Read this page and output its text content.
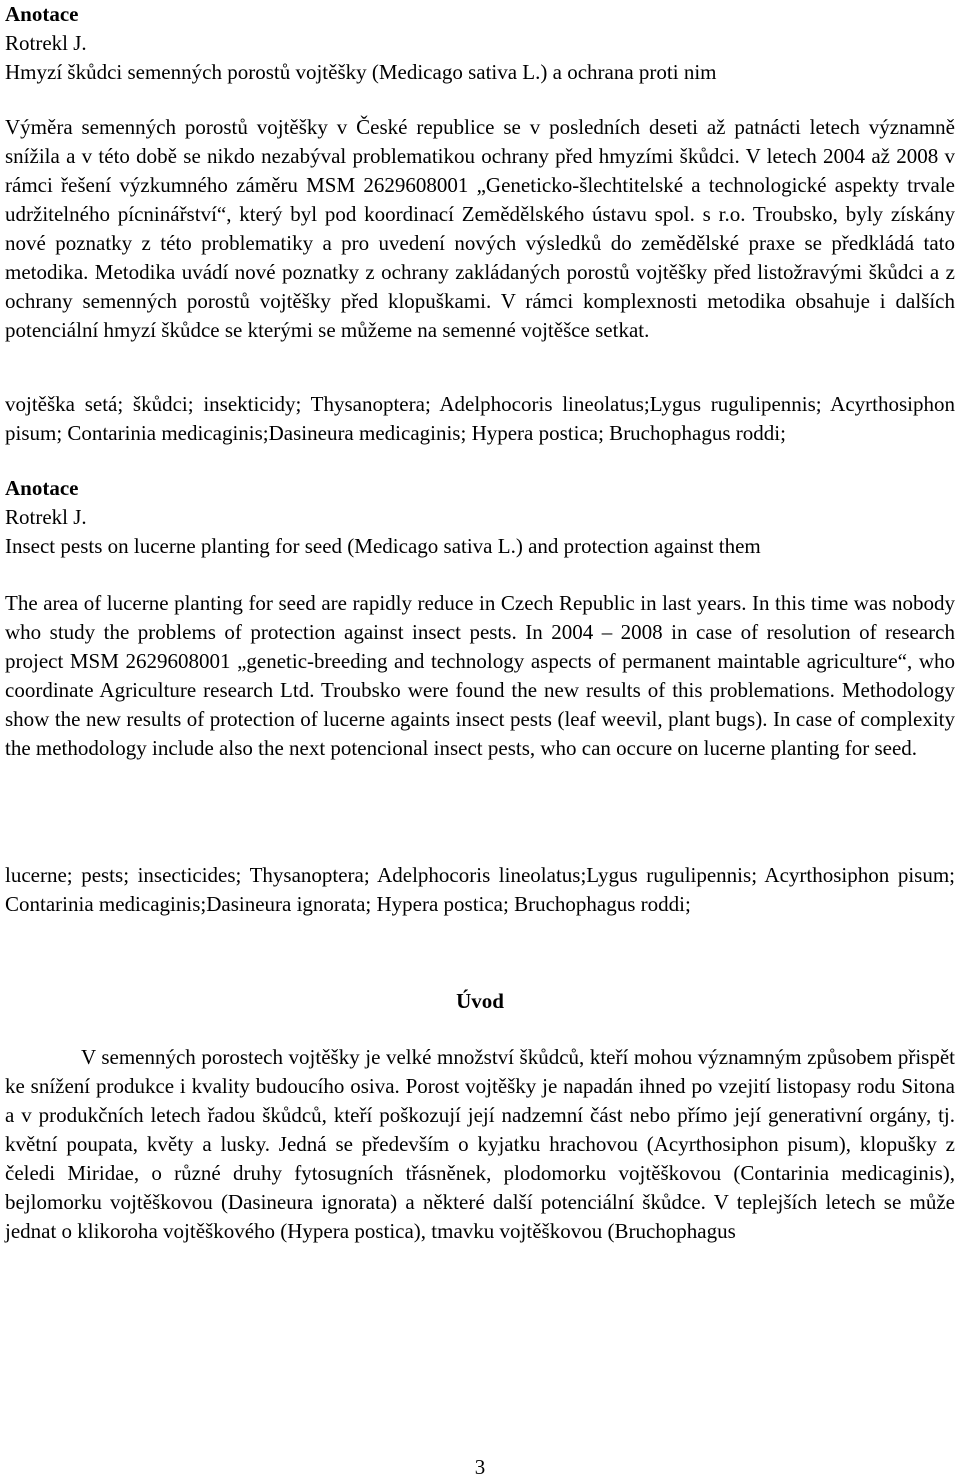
Anotace

Rotrekl J.

Hmyzí škůdci semenných porostů vojtěšky (Medicago sativa L.) a ochrana proti nim

Výměra semenných porostů vojtěšky v České republice se v posledních deseti až patnácti letech významně snížila a v této době se nikdo nezabýval problematikou ochrany před hmyzími škůdci. V letech 2004 až 2008 v rámci řešení výzkumného záměru MSM 2629608001 „Geneticko-šlechtitelské a technologické aspekty trvale udržitelného pícninářství“, který byl pod koordinací Zemědělského ústavu spol. s r.o. Troubsko, byly získány nové poznatky z této problematiky a pro uvedení nových výsledků do zemědělské praxe se předkládá tato metodika. Metodika uvádí nové poznatky z ochrany zakládaných porostů vojtěšky před listožravými škůdci a z ochrany semenných porostů vojtěšky před klopuškami. V rámci komplexnosti metodika obsahuje i dalších potenciální hmyzí škůdce se kterými se můžeme na semenné vojtěšce setkat.

vojtěška setá; škůdci; insekticidy; Thysanoptera; Adelphocoris lineolatus;Lygus rugulipennis; Acyrthosiphon pisum; Contarinia medicaginis;Dasineura medicaginis; Hypera postica; Bruchophagus roddi;

Anotace

Rotrekl J.

Insect pests on lucerne planting for seed (Medicago sativa L.) and protection against them

The area of lucerne planting for seed are rapidly reduce in Czech Republic in last years. In this time was nobody who study the problems of protection against insect pests. In 2004 – 2008 in case of resolution of research project MSM 2629608001 „genetic-breeding and technology aspects of permanent maintable agriculture“, who coordinate Agriculture research Ltd. Troubsko were found the new results of this problemations. Methodology show the new results of protection of lucerne againts insect pests (leaf weevil, plant bugs). In case of complexity the methodology include also the next potencional insect pests, who can occure on lucerne planting for seed.

lucerne; pests; insecticides; Thysanoptera; Adelphocoris lineolatus;Lygus rugulipennis; Acyrthosiphon pisum; Contarinia medicaginis;Dasineura ignorata; Hypera postica; Bruchophagus roddi;

Úvod

V semenných porostech vojtěšky je velké množství škůdců, kteří mohou významným způsobem přispět ke snížení produkce i kvality budoucího osiva. Porost vojtěšky je napadán ihned po vzejití listopasy rodu Sitona a v produkčních letech řadou škůdců, kteří poškozují její nadzemní část nebo přímo její generativní orgány, tj. květní poupata, květy a lusky. Jedná se především o kyjatku hrachovou (Acyrthosiphon pisum), klopušky z čeledi Miridae, o různé druhy fytosugních třásněnek, plodomorku vojtěškovou (Contarinia medicaginis), bejlomorku vojtěškovou (Dasineura ignorata) a některé další potenciální škůdce. V teplejších letech se může jednat o klikoroha vojtěškového (Hypera postica), tmavku vojtěškovou (Bruchophagus

3
